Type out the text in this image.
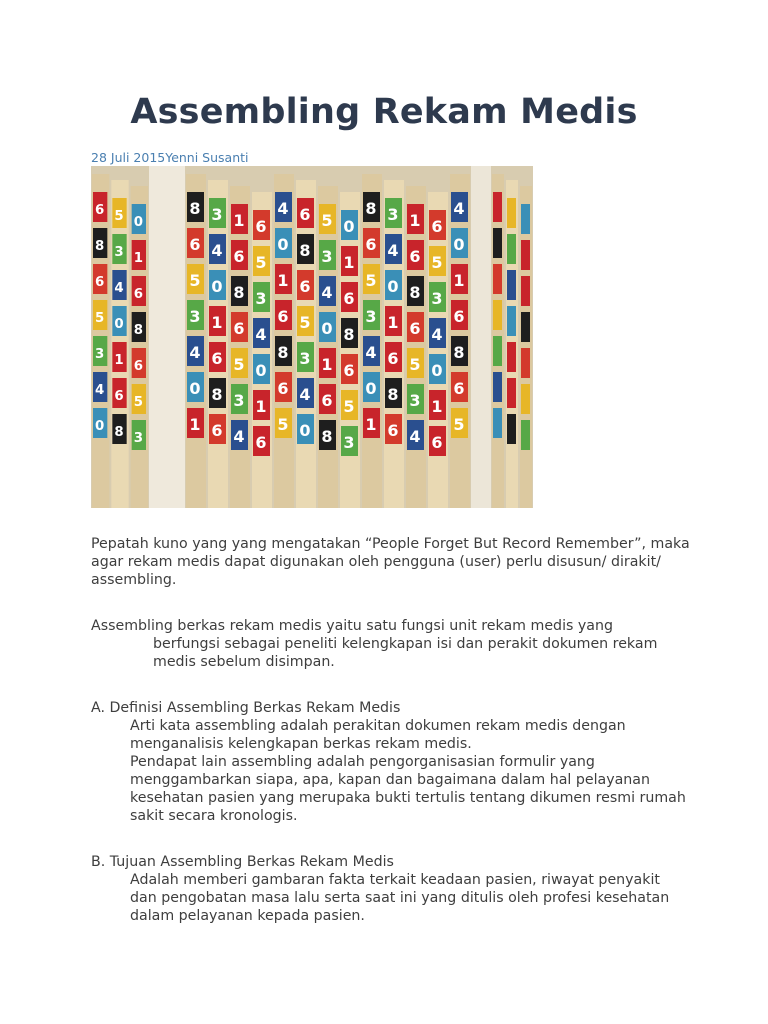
Assembling Rekam Medis
28 Juli 2015Yenni Susanti
6
8
6
5
3
4
0
5
3
4
0
1
6
8
0
1
6
8
6
5
3
8
6
5
3
4
0
1
3
4
0
1
6
8
6
1
6
8
6
5
3
4
6
5
3
4
0
1
6
4
0
1
6
8
6
5
6
8
6
5
3
4
0
5
3
4
0
1
6
8
0
1
6
8
6
5
3
8
6
5
3
4
0
1
3
4
0
1
6
8
6
1
6
8
6
5
3
4
6
5
3
4
0
1
6
4
0
1
6
8
6
5

Pepatah kuno yang yang mengatakan “People Forget But Record Remember”, maka agar rekam medis dapat digunakan oleh pengguna (user) perlu disusun/ dirakit/ assembling.

Assembling berkas rekam medis yaitu satu fungsi unit rekam medis yang

berfungsi sebagai peneliti kelengkapan isi dan perakit dokumen rekam medis sebelum disimpan.

A. Definisi Assembling Berkas Rekam Medis

Arti kata assembling adalah perakitan dokumen rekam medis dengan menganalisis kelengkapan berkas rekam medis.

Pendapat lain assembling adalah pengorganisasian formulir yang menggambarkan siapa, apa, kapan dan bagaimana dalam hal pelayanan kesehatan pasien yang merupaka bukti tertulis tentang dikumen resmi rumah sakit secara kronologis.

B. Tujuan Assembling Berkas Rekam Medis

Adalah memberi gambaran fakta terkait keadaan pasien, riwayat penyakit dan pengobatan masa lalu serta saat ini yang ditulis oleh profesi kesehatan dalam pelayanan kepada pasien.
